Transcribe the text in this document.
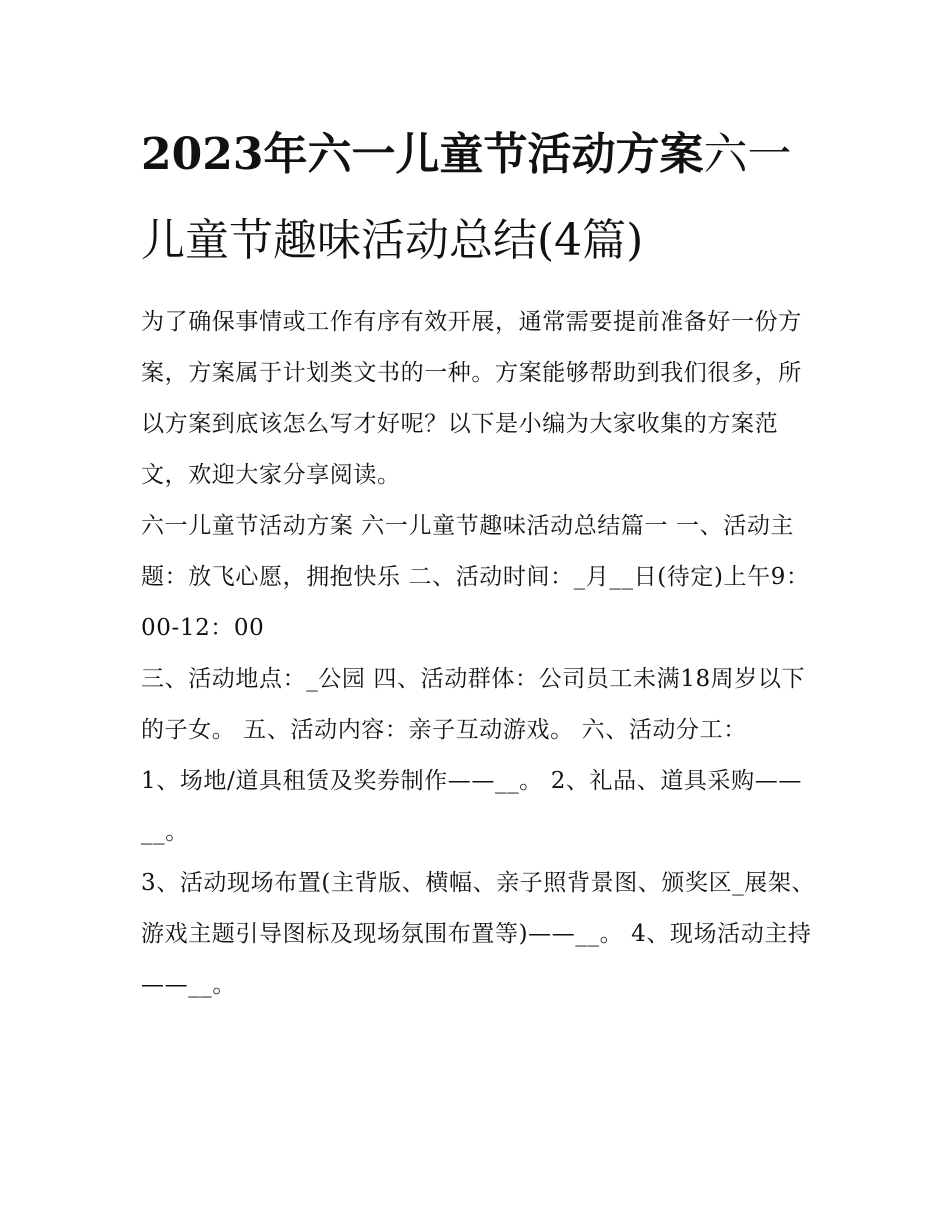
2023年六一儿童节活动方案六一儿童节趣味活动总结(4篇)

为了确保事情或工作有序有效开展，通常需要提前准备好一份方案，方案属于计划类文书的一种。方案能够帮助到我们很多，所以方案到底该怎么写才好呢？以下是小编为大家收集的方案范文，欢迎大家分享阅读。

六一儿童节活动方案 六一儿童节趣味活动总结篇一 一、活动主题：放飞心愿，拥抱快乐 二、活动时间：_月__日(待定)上午9：00-12：00

三、活动地点：_公园 四、活动群体：公司员工未满18周岁以下的子女。 五、活动内容：亲子互动游戏。 六、活动分工：

1、场地/道具租赁及奖券制作——__。 2、礼品、道具采购——__。

3、活动现场布置(主背版、横幅、亲子照背景图、颁奖区_展架、游戏主题引导图标及现场氛围布置等)——__。 4、现场活动主持——__。
